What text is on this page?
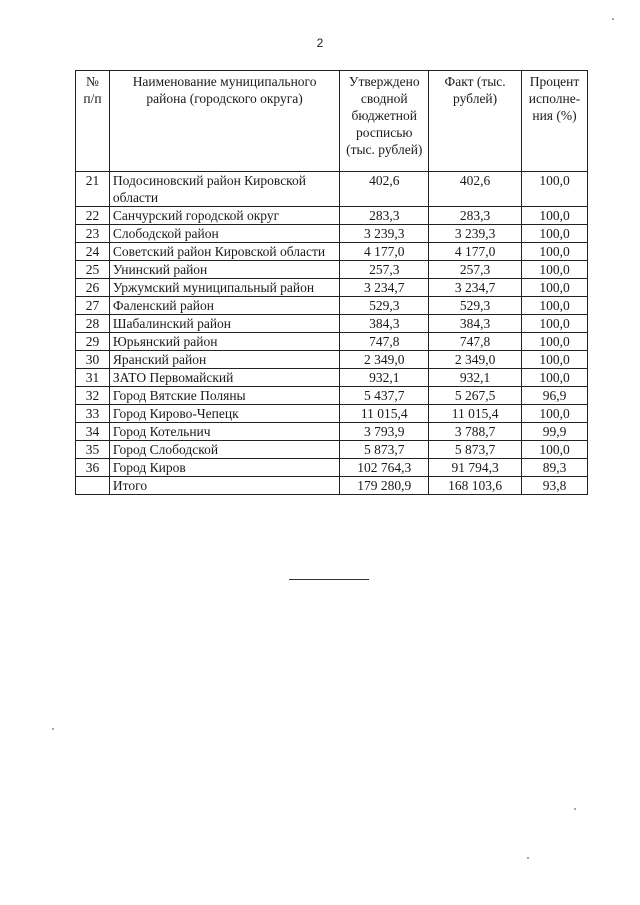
2
№ п/п	Наименование муниципального района (городского округа)	Утверждено сводной бюджетной росписью (тыс. рублей)	Факт (тыс. рублей)	Процент исполне-ния (%)
21	Подосиновский район Кировской области	402,6	402,6	100,0
22	Санчурский городской округ	283,3	283,3	100,0
23	Слободской район	3 239,3	3 239,3	100,0
24	Советский район Кировской области	4 177,0	4 177,0	100,0
25	Унинский район	257,3	257,3	100,0
26	Уржумский муниципальный район	3 234,7	3 234,7	100,0
27	Фаленский район	529,3	529,3	100,0
28	Шабалинский район	384,3	384,3	100,0
29	Юрьянский район	747,8	747,8	100,0
30	Яранский район	2 349,0	2 349,0	100,0
31	ЗАТО Первомайский	932,1	932,1	100,0
32	Город Вятские Поляны	5 437,7	5 267,5	96,9
33	Город Кирово-Чепецк	11 015,4	11 015,4	100,0
34	Город Котельнич	3 793,9	3 788,7	99,9
35	Город Слободской	5 873,7	5 873,7	100,0
36	Город Киров	102 764,3	91 794,3	89,3
	Итого	179 280,9	168 103,6	93,8
